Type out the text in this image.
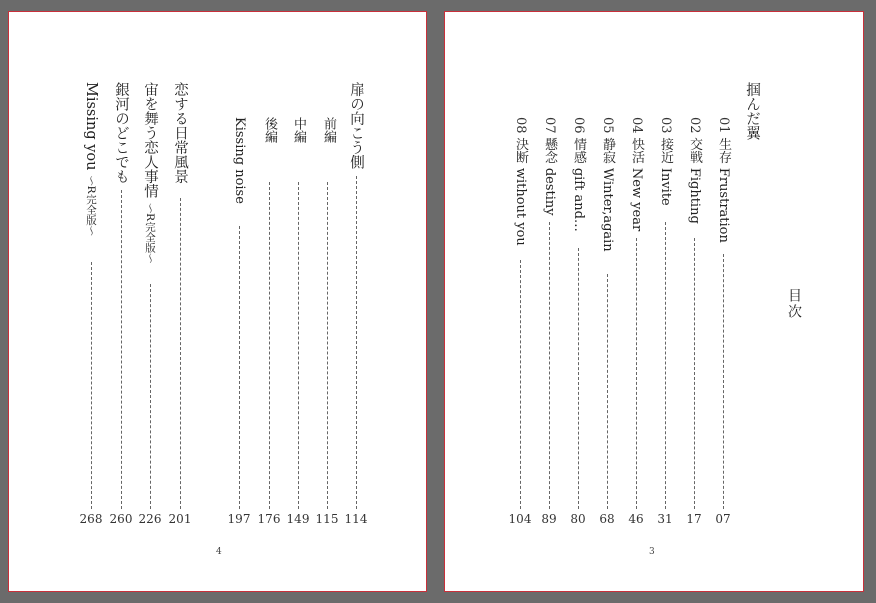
扉の向こう側
114
前編
115
中編
149
後編
176
Kissing noise
197
恋する日常風景
201
宙を舞う恋人事情 ～R完全版～
226
銀河のどこでも
260
Missing you ～R完全版～
268
4
目次
掴んだ翼
01 生存 Frustration
07
02 交戦 Fighting
17
03 接近 Invite
31
04 快活 New year
46
05 静寂 Winter,again
68
06 情感 gift and…
80
07 懸念 destiny
89
08 決断 without you
104
3
